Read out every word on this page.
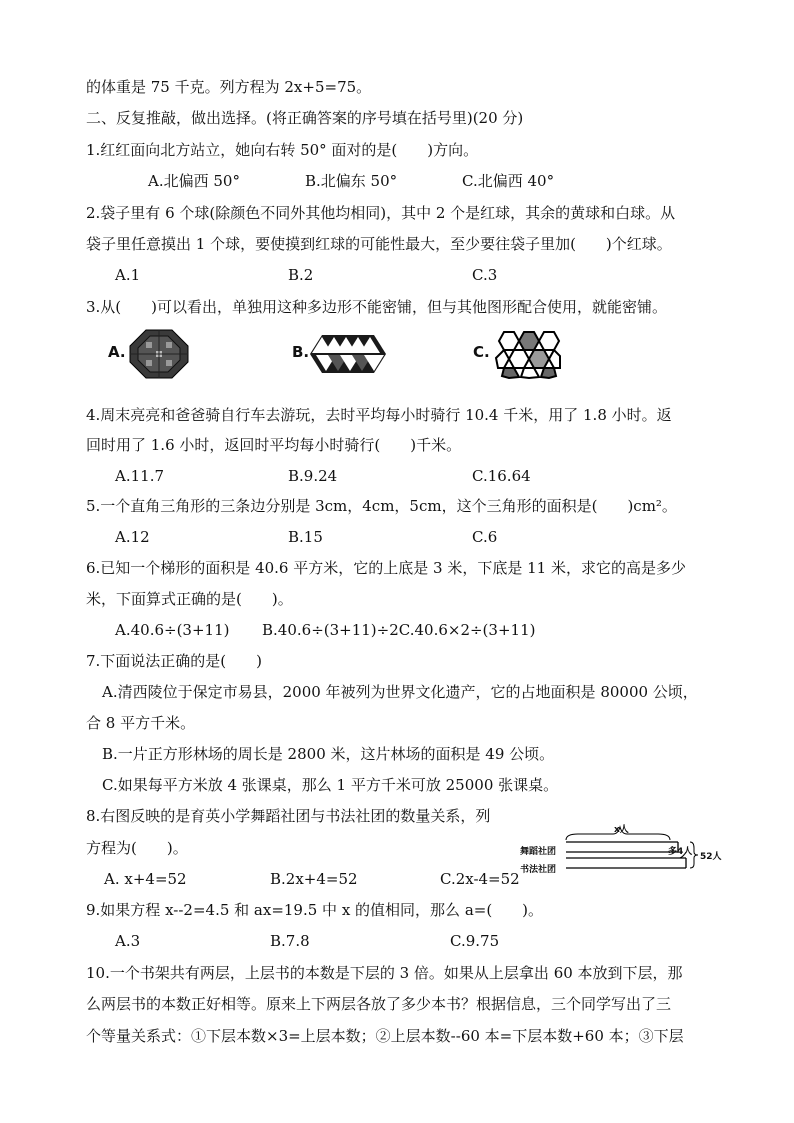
的体重是 75 千克。列方程为 2x+5=75。
二、反复推敲，做出选择。(将正确答案的序号填在括号里)(20 分)
1.红红面向北方站立，她向右转 50° 面对的是(　　)方向。
A.北偏西 50°	B.北偏东 50°	C.北偏西 40°
2.袋子里有 6 个球(除颜色不同外其他均相同)，其中 2 个是红球，其余的黄球和白球。从
袋子里任意摸出 1 个球，要使摸到红球的可能性最大，至少要往袋子里加(　　)个红球。
A.1	B.2	C.3
3.从(　　)可以看出，单独用这种多边形不能密铺，但与其他图形配合使用，就能密铺。
A.	B.	C.
4.周末亮亮和爸爸骑自行车去游玩，去时平均每小时骑行 10.4 千米，用了 1.8 小时。返
回时用了 1.6 小时，返回时平均每小时骑行(　　)千米。
A.11.7	B.9.24	C.16.64
5.一个直角三角形的三条边分别是 3cm，4cm，5cm，这个三角形的面积是(　　)cm²。
A.12	B.15	C.6
6.已知一个梯形的面积是 40.6 平方米，它的上底是 3 米，下底是 11 米，求它的高是多少
米，下面算式正确的是(　　)。
A.40.6÷(3+11) B.40.6÷(3+11)÷2C.40.6×2÷(3+11)
7.下面说法正确的是(　　)
A.清西陵位于保定市易县，2000 年被列为世界文化遗产，它的占地面积是 80000 公顷，
合 8 平方千米。
B.一片正方形林场的周长是 2800 米，这片林场的面积是 49 公顷。
C.如果每平方米放 4 张课桌，那么 1 平方千米可放 25000 张课桌。
8.右图反映的是育英小学舞蹈社团与书法社团的数量关系，列
方程为(　　)。
x人
舞蹈社团
书法社团
多4人 52人
A. x+4=52	B.2x+4=52	C.2x-4=52
9.如果方程 x--2=4.5 和 ax=19.5 中 x 的值相同，那么 a=(　　)。
A.3	B.7.8	C.9.75
10.一个书架共有两层，上层书的本数是下层的 3 倍。如果从上层拿出 60 本放到下层，那
么两层书的本数正好相等。原来上下两层各放了多少本书？根据信息，三个同学写出了三
个等量关系式：①下层本数×3=上层本数；②上层本数--60 本=下层本数+60 本；③下层
